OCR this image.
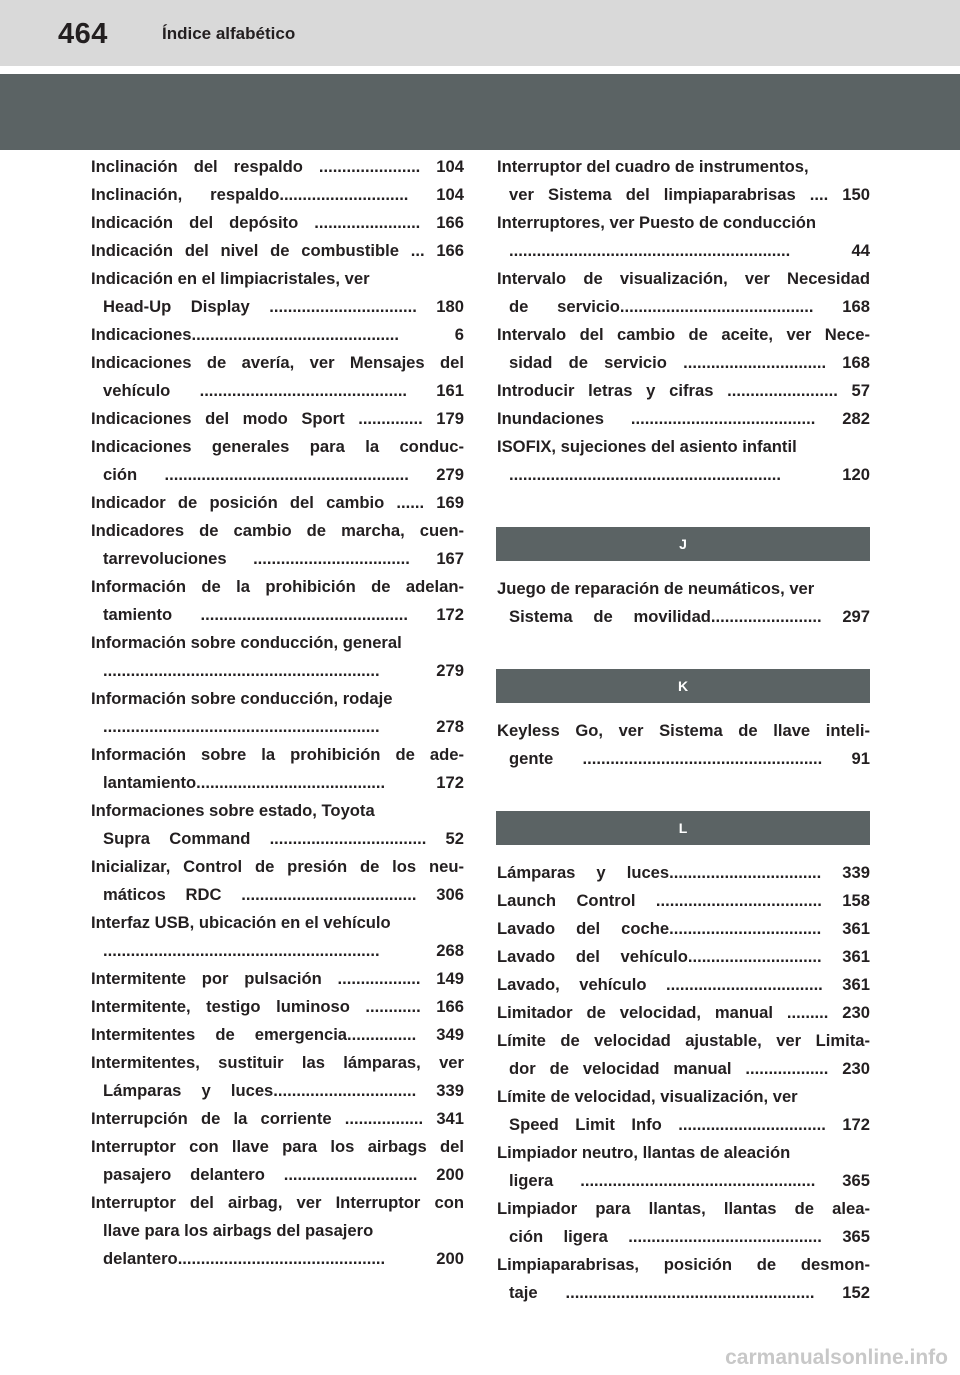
464	Índice alfabético

Inclinación del respaldo ...................... 104

Inclinación, respaldo............................ 104

Indicación del depósito ....................... 166

Indicación del nivel de combustible ... 166

Indicación en el limpiacristales, ver

Head-Up Display ................................ 180

Indicaciones............................................. 6

Indicaciones de avería, ver Mensajes del

vehículo ............................................. 161

Indicaciones del modo Sport .............. 179

Indicaciones generales para la conduc-

ción ..................................................... 279

Indicador de posición del cambio ...... 169

Indicadores de cambio de marcha, cuen-

tarrevoluciones .................................. 167

Información de la prohibición de adelan-

tamiento ............................................. 172

Información sobre conducción, general

............................................................ 279

Información sobre conducción, rodaje

............................................................ 278

Información sobre la prohibición de ade-

lantamiento......................................... 172

Informaciones sobre estado, Toyota

Supra Command .................................. 52

Inicializar, Control de presión de los neu-

máticos RDC ...................................... 306

Interfaz USB, ubicación en el vehículo

............................................................ 268

Intermitente por pulsación .................. 149

Intermitente, testigo luminoso ............ 166

Intermitentes de emergencia............... 349

Intermitentes, sustituir las lámparas, ver

Lámparas y luces............................... 339

Interrupción de la corriente ................. 341

Interruptor con llave para los airbags del

pasajero delantero ............................. 200

Interruptor del airbag, ver Interruptor con

llave para los airbags del pasajero

delantero............................................. 200

Interruptor del cuadro de instrumentos,

ver Sistema del limpiaparabrisas .... 150

Interruptores, ver Puesto de conducción

............................................................. 44

Intervalo de visualización, ver Necesidad

de servicio.......................................... 168

Intervalo del cambio de aceite, ver Nece-

sidad de servicio ............................... 168

Introducir letras y cifras ........................ 57

Inundaciones ........................................ 282

ISOFIX, sujeciones del asiento infantil

........................................................... 120

J

Juego de reparación de neumáticos, ver

Sistema de movilidad........................ 297

K

Keyless Go, ver Sistema de llave inteli-

gente .................................................... 91

L

Lámparas y luces................................. 339

Launch Control .................................... 158

Lavado del coche................................. 361

Lavado del vehículo............................. 361

Lavado, vehículo .................................. 361

Limitador de velocidad, manual ......... 230

Límite de velocidad ajustable, ver Limita-

dor de velocidad manual .................. 230

Límite de velocidad, visualización, ver

Speed Limit Info ................................ 172

Limpiador neutro, llantas de aleación

ligera ................................................... 365

Limpiador para llantas, llantas de alea-

ción ligera .......................................... 365

Limpiaparabrisas, posición de desmon-

taje ...................................................... 152

carmanualsonline.info
